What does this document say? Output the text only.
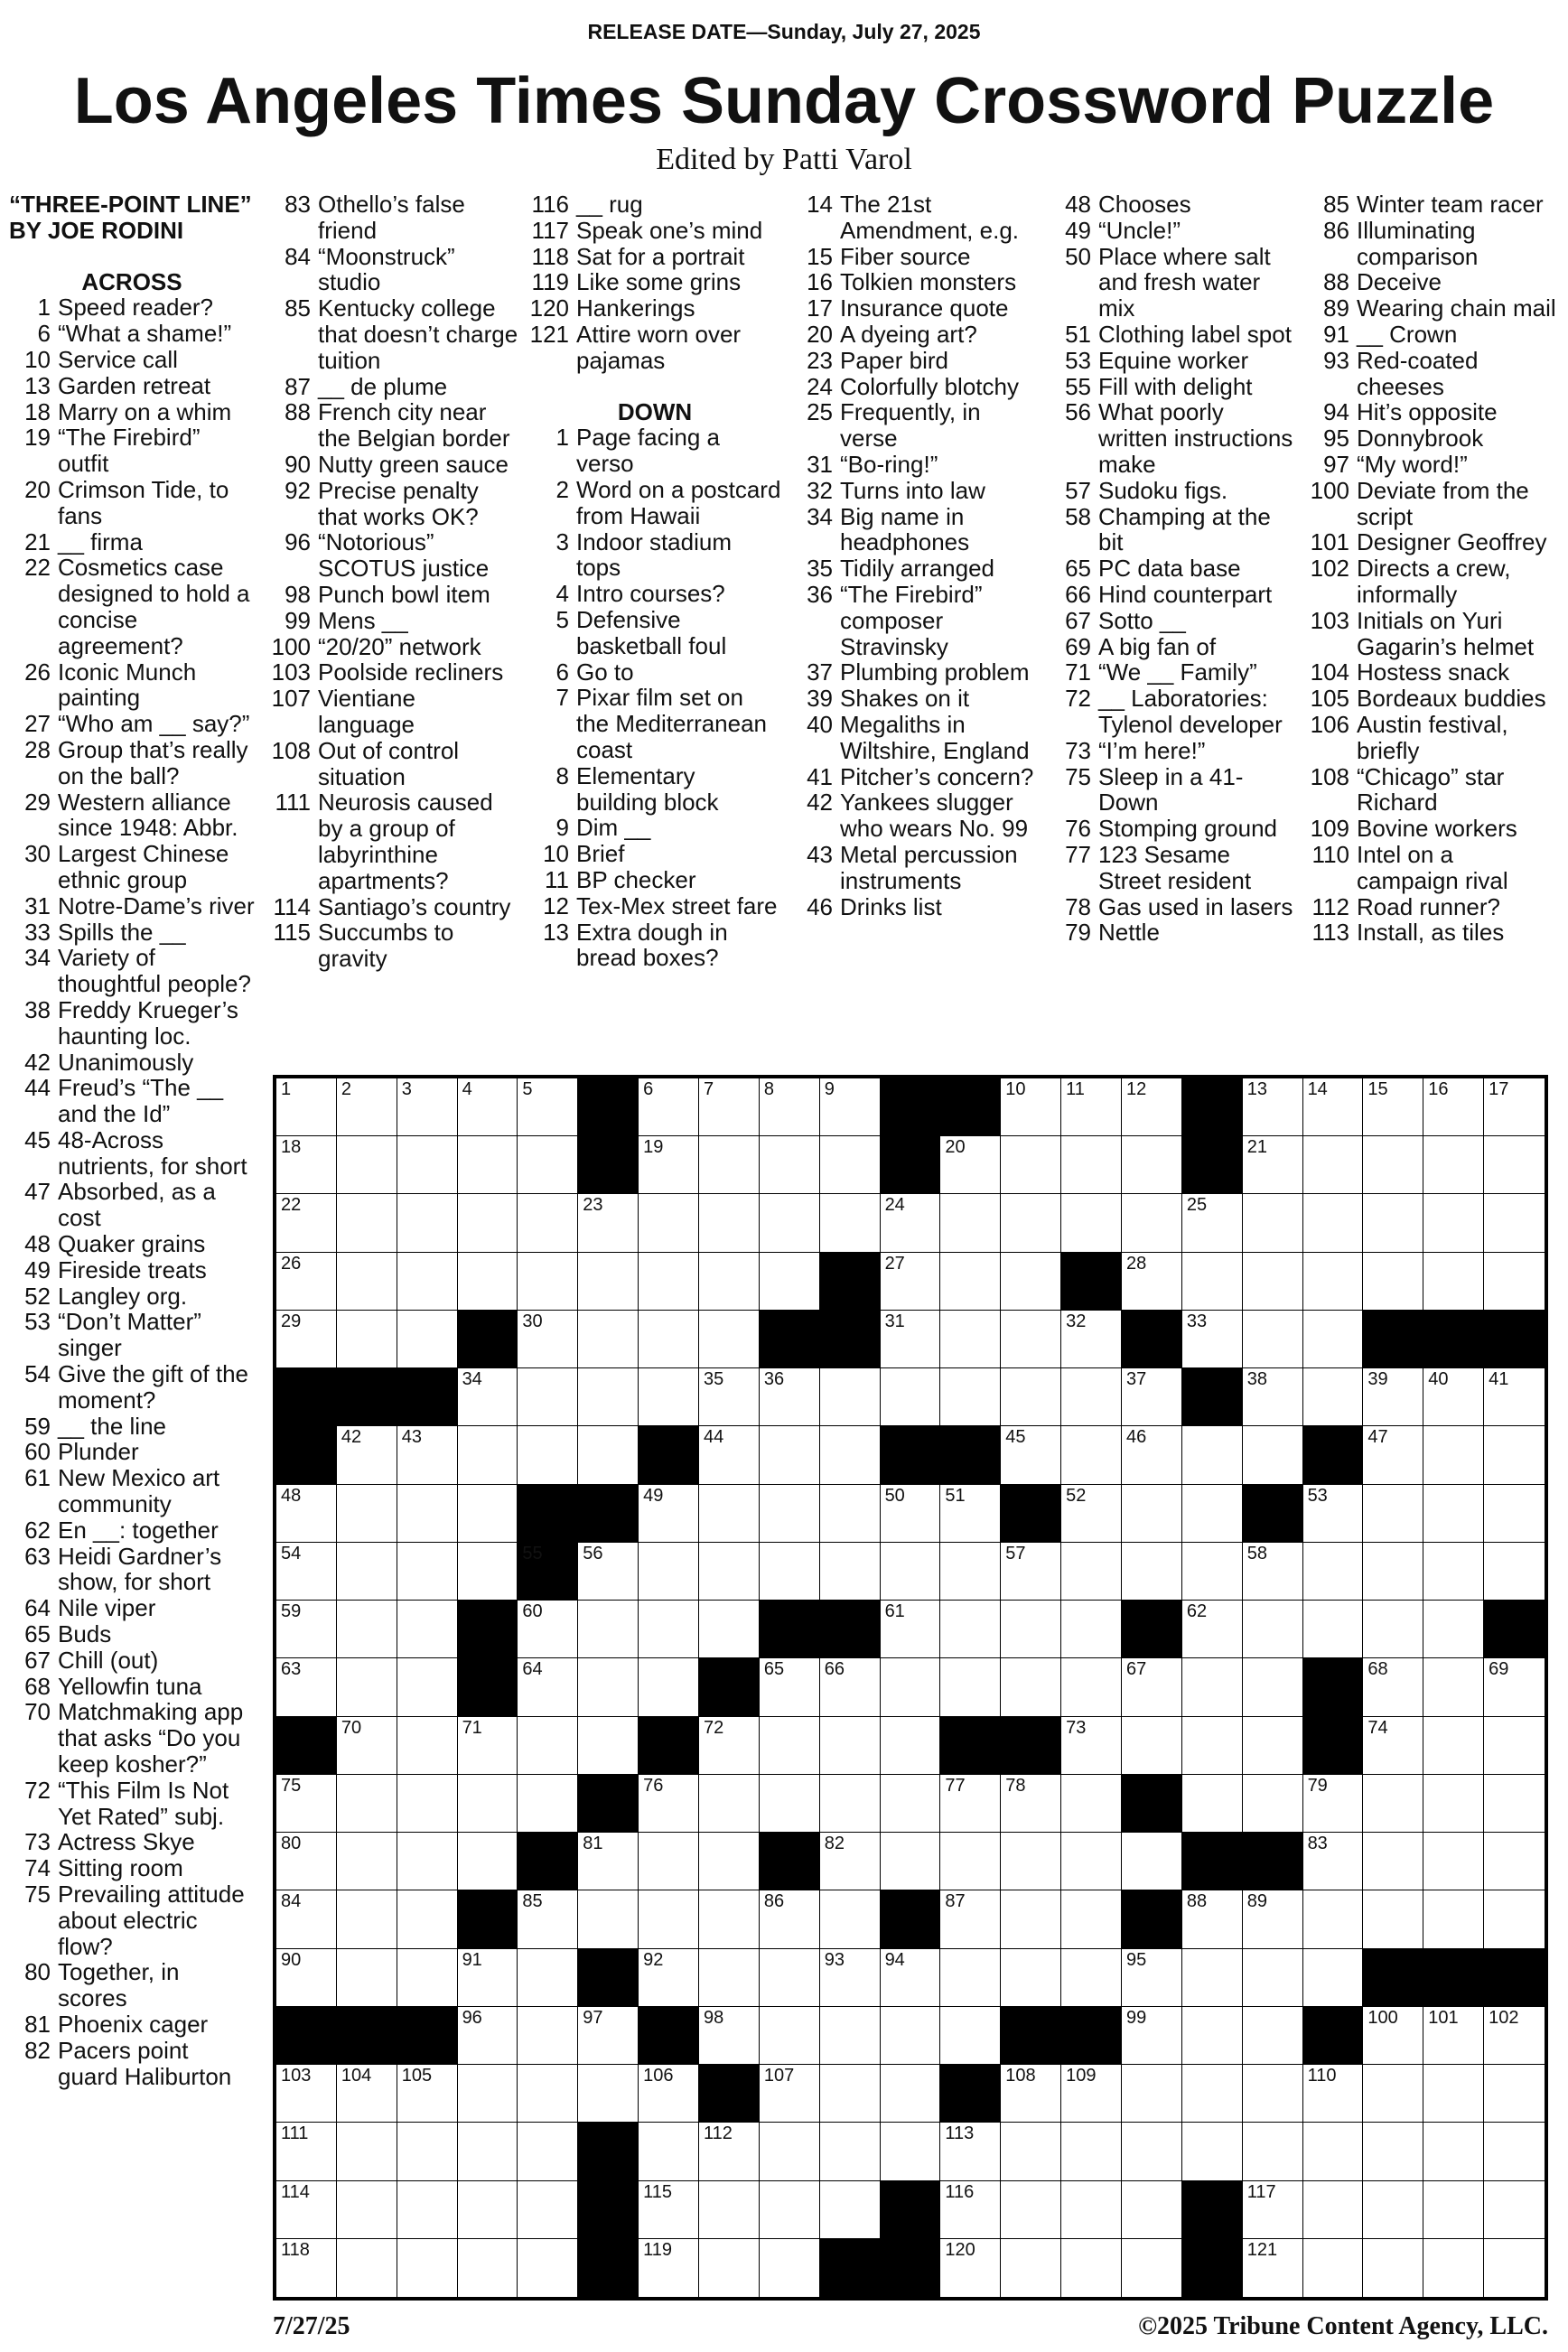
RELEASE DATE—Sunday, July 27, 2025
Los Angeles Times Sunday Crossword Puzzle
Edited by Patti Varol
“THREE-POINT LINE” BY JOE RODINI
ACROSS
1 Speed reader?
6 “What a shame!”
10 Service call
13 Garden retreat
18 Marry on a whim
19 “The Firebird” outfit
20 Crimson Tide, to fans
21 __ firma
22 Cosmetics case designed to hold a concise agreement?
26 Iconic Munch painting
27 “Who am __ say?”
28 Group that’s really on the ball?
29 Western alliance since 1948: Abbr.
30 Largest Chinese ethnic group
31 Notre-Dame’s river
33 Spills the __
34 Variety of thoughtful people?
38 Freddy Krueger’s haunting loc.
42 Unanimously
44 Freud’s “The __ and the Id”
45 48-Across nutrients, for short
47 Absorbed, as a cost
48 Quaker grains
49 Fireside treats
52 Langley org.
53 “Don’t Matter” singer
54 Give the gift of the moment?
59 __ the line
60 Plunder
61 New Mexico art community
62 En __: together
63 Heidi Gardner’s show, for short
64 Nile viper
65 Buds
67 Chill (out)
68 Yellowfin tuna
70 Matchmaking app that asks “Do you keep kosher?”
72 “This Film Is Not Yet Rated” subj.
73 Actress Skye
74 Sitting room
75 Prevailing attitude about electric flow?
80 Together, in scores
81 Phoenix cager
82 Pacers point guard Haliburton
83 Othello’s false friend
84 “Moonstruck” studio
85 Kentucky college that doesn’t charge tuition
87 __ de plume
88 French city near the Belgian border
90 Nutty green sauce
92 Precise penalty that works OK?
96 “Notorious” SCOTUS justice
98 Punch bowl item
99 Mens __
100 “20/20” network
103 Poolside recliners
107 Vientiane language
108 Out of control situation
111 Neurosis caused by a group of labyrinthine apartments?
114 Santiago’s country
115 Succumbs to gravity
116 __ rug
117 Speak one’s mind
118 Sat for a portrait
119 Like some grins
120 Hankerings
121 Attire worn over pajamas
DOWN
1 Page facing a verso
2 Word on a postcard from Hawaii
3 Indoor stadium tops
4 Intro courses?
5 Defensive basketball foul
6 Go to
7 Pixar film set on the Mediterranean coast
8 Elementary building block
9 Dim __
10 Brief
11 BP checker
12 Tex-Mex street fare
13 Extra dough in bread boxes?
14 The 21st Amendment, e.g.
15 Fiber source
16 Tolkien monsters
17 Insurance quote
20 A dyeing art?
23 Paper bird
24 Colorfully blotchy
25 Frequently, in verse
31 “Bo-ring!”
32 Turns into law
34 Big name in headphones
35 Tidily arranged
36 “The Firebird” composer Stravinsky
37 Plumbing problem
39 Shakes on it
40 Megaliths in Wiltshire, England
41 Pitcher’s concern?
42 Yankees slugger who wears No. 99
43 Metal percussion instruments
46 Drinks list
48 Chooses
49 “Uncle!”
50 Place where salt and fresh water mix
51 Clothing label spot
53 Equine worker
55 Fill with delight
56 What poorly written instructions make
57 Sudoku figs.
58 Champing at the bit
65 PC data base
66 Hind counterpart
67 Sotto __
69 A big fan of
71 “We __ Family”
72 __ Laboratories: Tylenol developer
73 “I’m here!”
75 Sleep in a 41-Down
76 Stomping ground
77 123 Sesame Street resident
78 Gas used in lasers
79 Nettle
85 Winter team racer
86 Illuminating comparison
88 Deceive
89 Wearing chain mail
91 __ Crown
93 Red-coated cheeses
94 Hit’s opposite
95 Donnybrook
97 “My word!”
100 Deviate from the script
101 Designer Geoffrey
102 Directs a crew, informally
103 Initials on Yuri Gagarin’s helmet
104 Hostess snack
105 Bordeaux buddies
106 Austin festival, briefly
108 “Chicago” star Richard
109 Bovine workers
110 Intel on a campaign rival
112 Road runner?
113 Install, as tiles
1	2	3	4	5	6	7	8	9	10 11 12	13 14 15 16 17
18	19	20	21
22	23	24	25
26	27	28
29	30	31	32	33
34	35 36	37	38	39 40 41
42 43	44	45	46	47
48	49	50 51	52	53
54	55 56	57	58
59	60	61	62
63	64	65 66	67	68	69
70	71	72	73	74
75	76	77 78	79
80	81	82	83
84	85	86	87	88 89
90	91	92	93 94	95
96	97	98	99	100 101 102
103 104 105	106	107	108 109	110
111	112	113
114	115	116	117
118	119	120	121
7/27/25	©2025 Tribune Content Agency, LLC.
